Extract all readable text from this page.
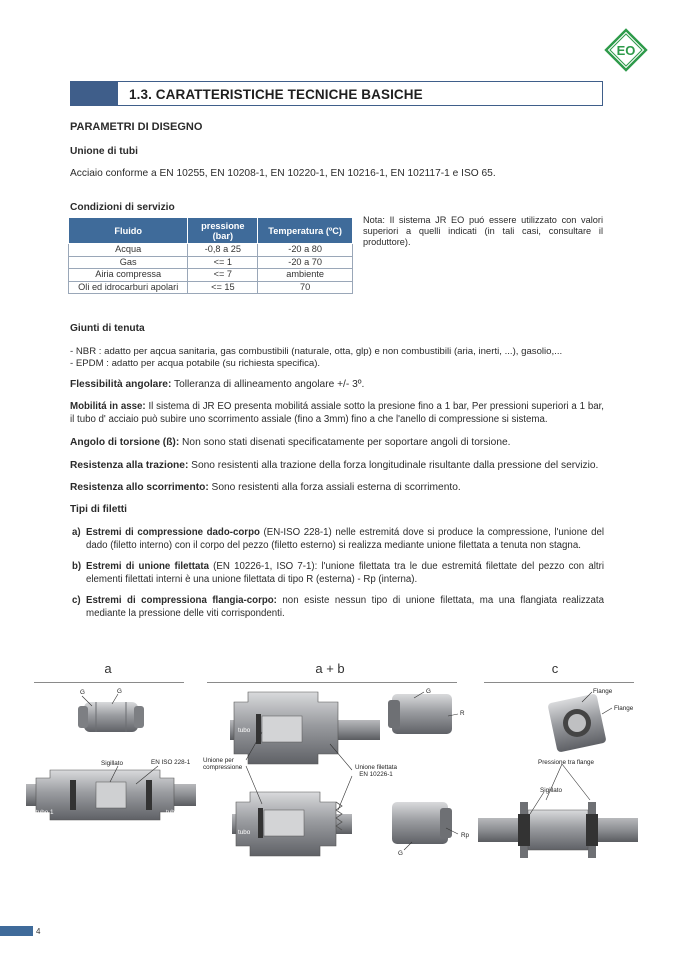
EO
1.3. CARATTERISTICHE TECNICHE BASICHE
PARAMETRI DI DISEGNO
Unione di tubi
Acciaio conforme a EN 10255, EN 10208-1, EN 10220-1, EN 10216-1, EN 102117-1 e ISO 65.
Condizioni di servizio
Fluido	pressione (bar)	Temperatura (ºC)
Acqua	-0,8 a 25	-20 a 80
Gas	<= 1	-20 a 70
Airia compressa	<= 7	ambiente
Oli ed idrocarburi apolari	<= 15	70
Nota: Il sistema JR EO puó essere utilizzato con valori superiori a quelli indicati (in tali casi, consultare il produttore).
Giunti di tenuta
- NBR : adatto per aqcua sanitaria, gas combustibili (naturale, otta, glp) e non combustibili (aria, inerti, ...), gasolio,...
- EPDM : adatto per acqua potabile (su richiesta specifica).
Flessibilità angolare: Tolleranza di allineamento angolare +/- 3º.
Mobilitá in asse: Il sistema di JR EO presenta mobilitá assiale sotto la presione fino a 1 bar, Per pressioni superiori a 1 bar, il tubo d' acciaio può subire uno scorrimento assiale (fino a 3mm) fino a che l'anello di compressione si sistema.
Angolo di torsione (ß): Non sono stati disenati specificatamente per soportare angoli di torsione.
Resistenza alla trazione: Sono resistenti alla trazione della forza longitudinale risultante dalla pressione del servizio.
Resistenza allo scorrimento: Sono resistenti alla forza assiali esterna di scorrimento.
Tipi di filetti
a) Estremi di compressione dado-corpo (EN-ISO 228-1) nelle estremitá dove si produce la compressione, l'unione del dado (filetto interno) con il corpo del pezzo (filetto esterno) si realizza mediante unione filettata a tenuta non stagna.
b) Estremi di unione filettata (EN 10226-1, ISO 7-1): l'unione filettata tra le due estremitá filettate del pezzo con altri elementi filettati interni è una unione filettata di tipo R (esterna) - Rp (interna).
c) Estremi di compressiona flangia-corpo: non esiste nessun tipo di unione filettata, ma una flangiata realizzata mediante la pressione delle viti corrispondenti.
a	a + b	c
G	G
Sigillato	EN ISO 228-1
tubo 1	tubo 2
Unione per compressione
tubo
tubo
Unione filettata EN 10226-1
G
R
G
Rp
Flange
Flange
Pressione tra flange
Sigillato
tubo 1	tubo 2
4
